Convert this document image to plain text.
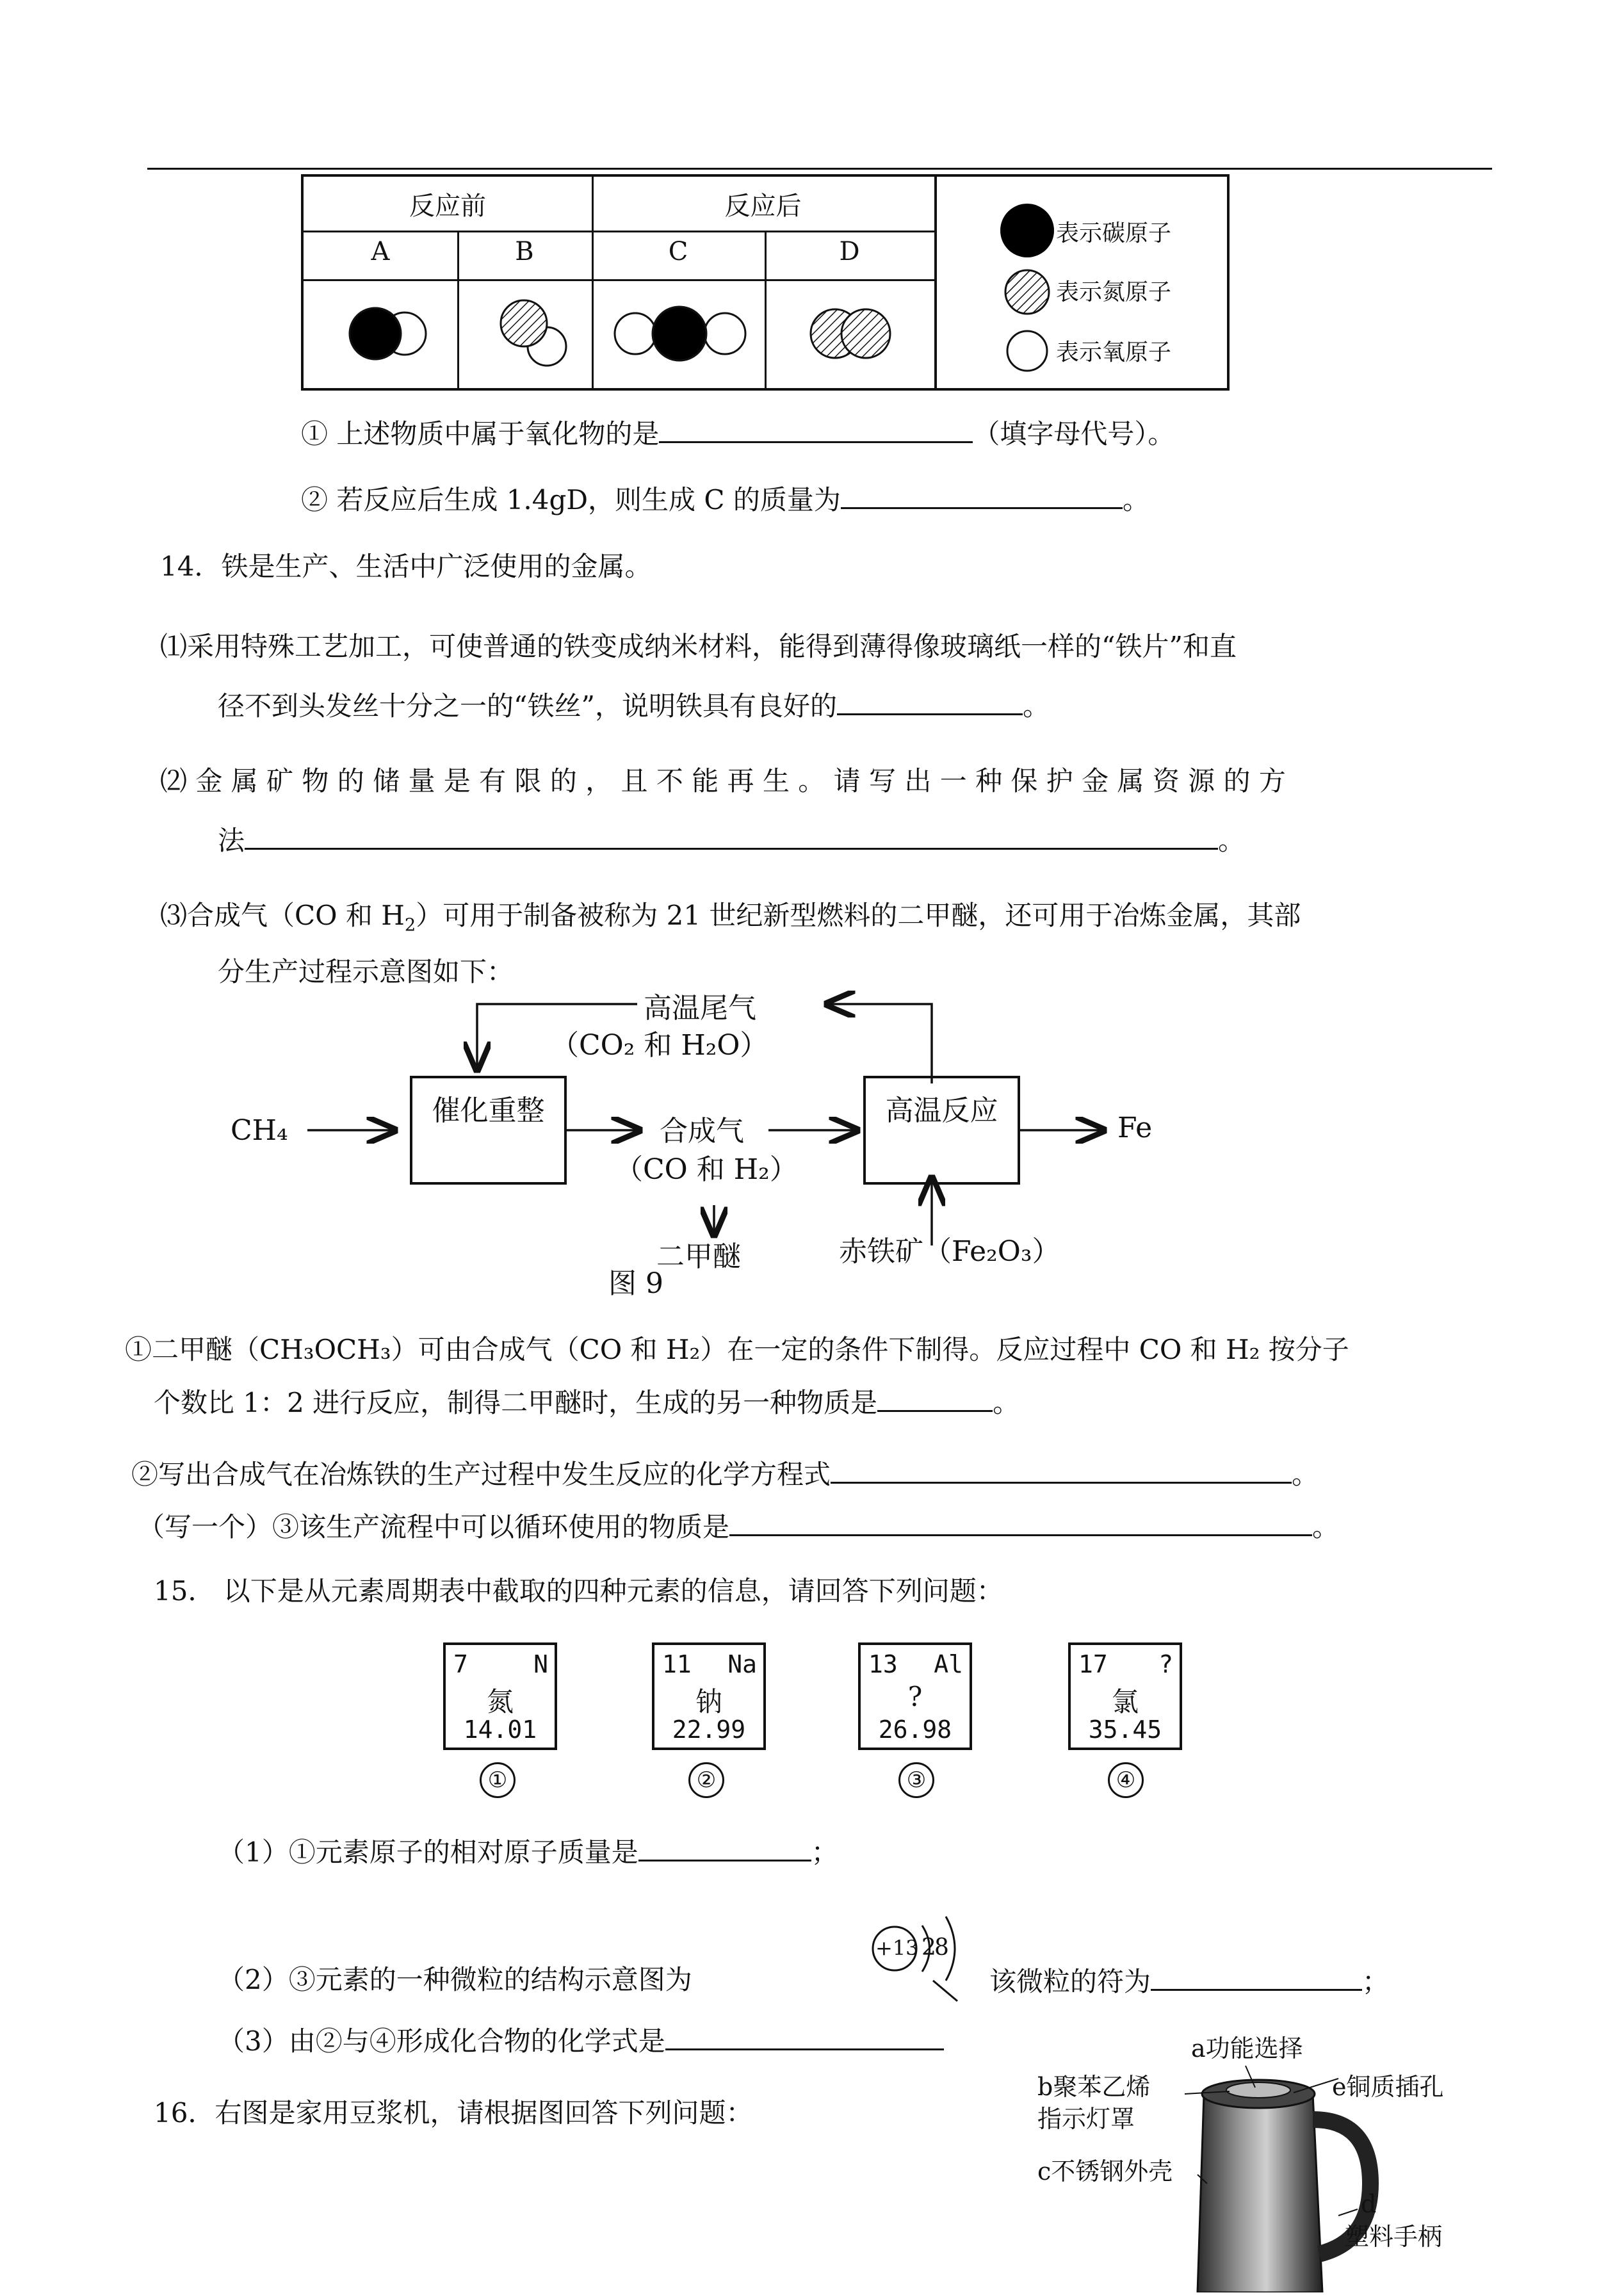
反应前	反应后
A	B	C	D
表示碳原子
表示氮原子
表示氧原子
① 上述物质中属于氧化物的是	（填字母代号）。
② 若反应后生成 1.4gD，则生成 C 的质量为	。
14．铁是生产、生活中广泛使用的金属。
⑴采用特殊工艺加工，可使普通的铁变成纳米材料，能得到薄得像玻璃纸一样的“铁片”和直
径不到头发丝十分之一的“铁丝”，说明铁具有良好的	。
⑵ 金 属 矿 物 的 储 量 是 有 限 的 ， 且 不 能 再 生 。 请 写 出 一 种 保 护 金 属 资 源 的 方
法	。
⑶合成气（CO 和 $H_2$）可用于制备被称为 21 世纪新型燃料的二甲醚，还可用于冶炼金属，其部
分生产过程示意图如下：
高温尾气
（CO₂ 和 H₂O）
CH₄
催化重整
合成气
（CO 和 H₂）
高温反应
Fe
二甲醚	赤铁矿（Fe₂O₃）
图 9
①二甲醚（CH₃OCH₃）可由合成气（CO 和 H₂）在一定的条件下制得。反应过程中 CO 和 H₂ 按分子
个数比 1：2 进行反应，制得二甲醚时，生成的另一种物质是	。
②写出合成气在冶炼铁的生产过程中发生反应的化学方程式	。
（写一个）③该生产流程中可以循环使用的物质是	。
15． 以下是从元素周期表中截取的四种元素的信息，请回答下列问题：
7	N
氮
14.01
11 Na
钠
22.99
13 Al
?
26.98
17 ?
氯
35.45
①	②	③	④
（1）①元素原子的相对原子质量是	；
（2）③元素的一种微粒的结构示意图为
+13 2
8
该微粒的符为	；
（3）由②与④形成化合物的化学式是
16．右图是家用豆浆机，请根据图回答下列问题：
a功能选择
b聚苯乙烯
指示灯罩
e铜质插孔
c不锈钢外壳
d
塑料手柄
